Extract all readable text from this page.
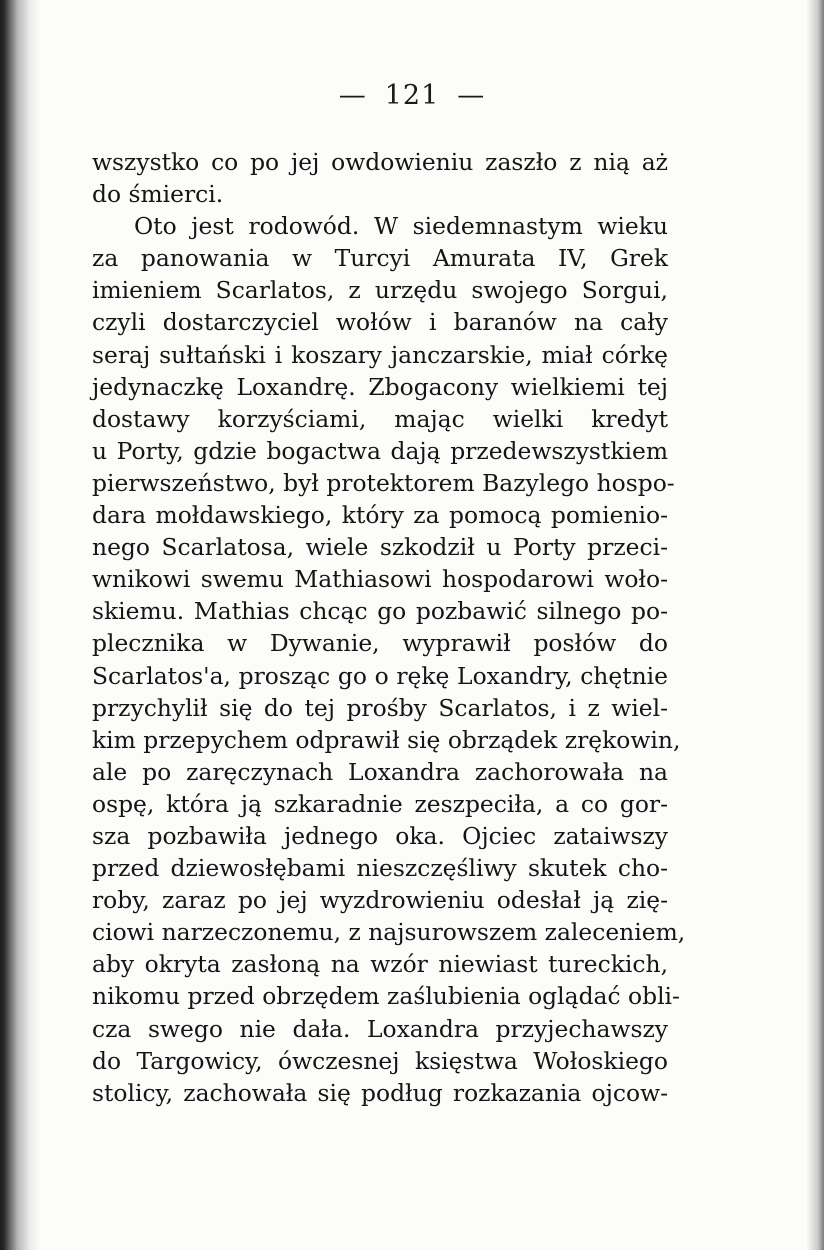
— 121 —
wszystko co po jej owdowieniu zaszło z nią aż
do śmierci.
Oto jest rodowód. W siedemnastym wieku
za panowania w Turcyi Amurata IV, Grek
imieniem Scarlatos, z urzędu swojego Sorgui,
czyli dostarczyciel wołów i baranów na cały
seraj sułtański i koszary janczarskie, miał córkę
jedynaczkę Loxandrę. Zbogacony wielkiemi tej
dostawy korzyściami, mając wielki kredyt
u Porty, gdzie bogactwa dają przedewszystkiem
pierwszeństwo, był protektorem Bazylego hospo-
dara mołdawskiego, który za pomocą pomienio-
nego Scarlatosa, wiele szkodził u Porty przeci-
wnikowi swemu Mathiasowi hospodarowi woło-
skiemu. Mathias chcąc go pozbawić silnego po-
plecznika w Dywanie, wyprawił posłów do
Scarlatos'a, prosząc go o rękę Loxandry, chętnie
przychylił się do tej prośby Scarlatos, i z wiel-
kim przepychem odprawił się obrządek zrękowin,
ale po zaręczynach Loxandra zachorowała na
ospę, która ją szkaradnie zeszpeciła, a co gor-
sza pozbawiła jednego oka. Ojciec zataiwszy
przed dziewosłębami nieszczęśliwy skutek cho-
roby, zaraz po jej wyzdrowieniu odesłał ją zię-
ciowi narzeczonemu, z najsurowszem zaleceniem,
aby okryta zasłoną na wzór niewiast tureckich,
nikomu przed obrzędem zaślubienia oglądać obli-
cza swego nie dała. Loxandra przyjechawszy
do Targowicy, ówczesnej księstwa Wołoskiego
stolicy, zachowała się podług rozkazania ojcow-
